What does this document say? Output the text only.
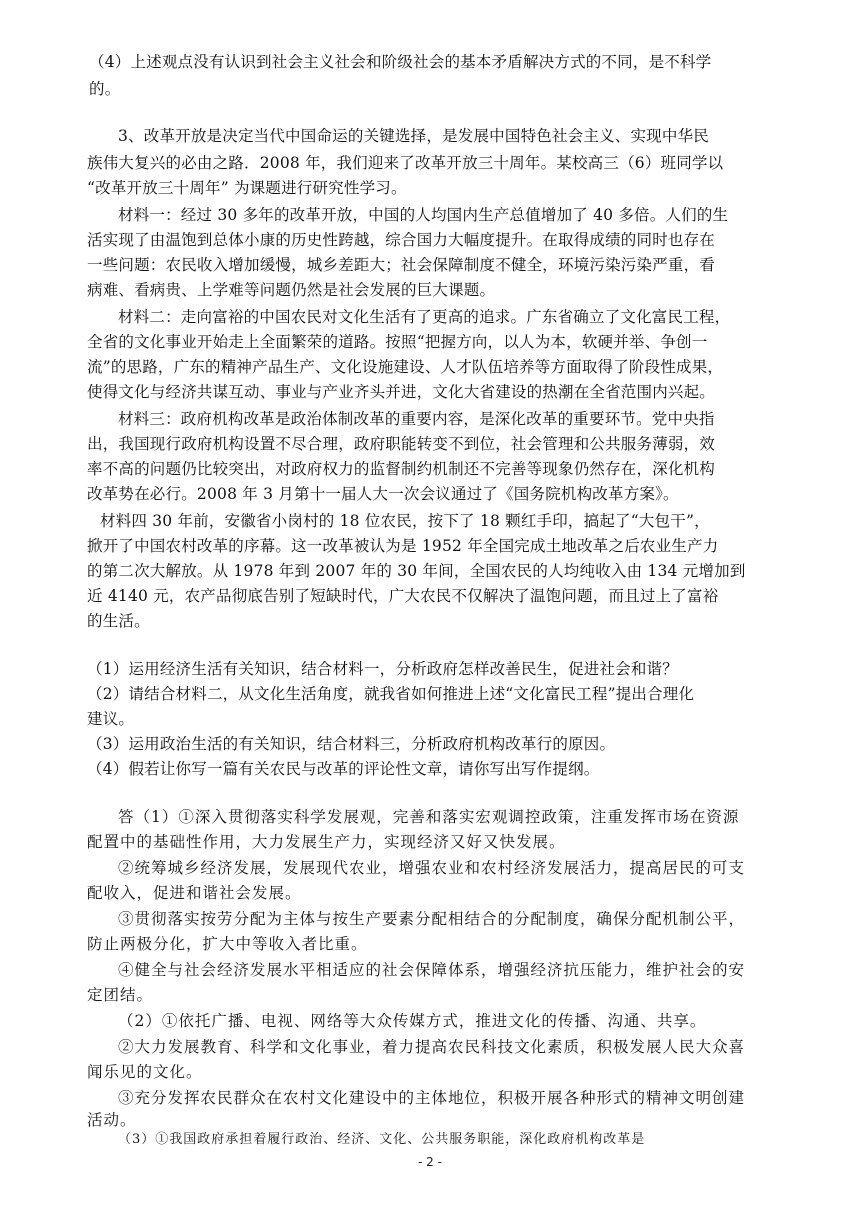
（4）上述观点没有认识到社会主义社会和阶级社会的基本矛盾解决方式的不同，是不科学

的。

3、改革开放是决定当代中国命运的关键选择，是发展中国特色社会主义、实现中华民

族伟大复兴的必由之路．2008 年，我们迎来了改革开放三十周年。某校高三（6）班同学以

“改革开放三十周年” 为课题进行研究性学习。

材料一：经过 30 多年的改革开放，中国的人均国内生产总值增加了 40 多倍。人们的生

活实现了由温饱到总体小康的历史性跨越，综合国力大幅度提升。在取得成绩的同时也存在

一些问题：农民收入增加缓慢，城乡差距大；社会保障制度不健全，环境污染污染严重，看

病难、看病贵、上学难等问题仍然是社会发展的巨大课题。

材料二：走向富裕的中国农民对文化生活有了更高的追求。广东省确立了文化富民工程，

全省的文化事业开始走上全面繁荣的道路。按照“把握方向，以人为本，软硬并举、争创一

流”的思路，广东的精神产品生产、文化设施建设、人才队伍培养等方面取得了阶段性成果，

使得文化与经济共谋互动、事业与产业齐头并进，文化大省建设的热潮在全省范围内兴起。

材料三：政府机构改革是政治体制改革的重要内容，是深化改革的重要环节。党中央指

出，我国现行政府机构设置不尽合理，政府职能转变不到位，社会管理和公共服务薄弱，效

率不高的问题仍比较突出，对政府权力的监督制约机制还不完善等现象仍然存在，深化机构

改革势在必行。2008 年 3 月第十一届人大一次会议通过了《国务院机构改革方案》。

材料四 30 年前，安徽省小岗村的 18 位农民，按下了 18 颗红手印，搞起了“大包干”，

掀开了中国农村改革的序幕。这一改革被认为是 1952 年全国完成土地改革之后农业生产力

的第二次大解放。从 1978 年到 2007 年的 30 年间，全国农民的人均纯收入由 134 元增加到

近 4140 元，农产品彻底告别了短缺时代，广大农民不仅解决了温饱问题，而且过上了富裕

的生活。

（1）运用经济生活有关知识，结合材料一，分析政府怎样改善民生，促进社会和谐？

（2）请结合材料二，从文化生活角度，就我省如何推进上述“文化富民工程”提出合理化

建议。

（3）运用政治生活的有关知识，结合材料三，分析政府机构改革行的原因。

（4）假若让你写一篇有关农民与改革的评论性文章，请你写出写作提纲。

答（1）①深入贯彻落实科学发展观，完善和落实宏观调控政策，注重发挥市场在资源

配置中的基础性作用，大力发展生产力，实现经济又好又快发展。

②统筹城乡经济发展，发展现代农业，增强农业和农村经济发展活力，提高居民的可支

配收入，促进和谐社会发展。

③贯彻落实按劳分配为主体与按生产要素分配相结合的分配制度，确保分配机制公平，

防止两极分化，扩大中等收入者比重。

④健全与社会经济发展水平相适应的社会保障体系，增强经济抗压能力，维护社会的安

定团结。

（2）①依托广播、电视、网络等大众传媒方式，推进文化的传播、沟通、共享。

②大力发展教育、科学和文化事业，着力提高农民科技文化素质，积极发展人民大众喜

闻乐见的文化。

③充分发挥农民群众在农村文化建设中的主体地位，积极开展各种形式的精神文明创建

活动。

（3）①我国政府承担着履行政治、经济、文化、公共服务职能，深化政府机构改革是

- 2 -
